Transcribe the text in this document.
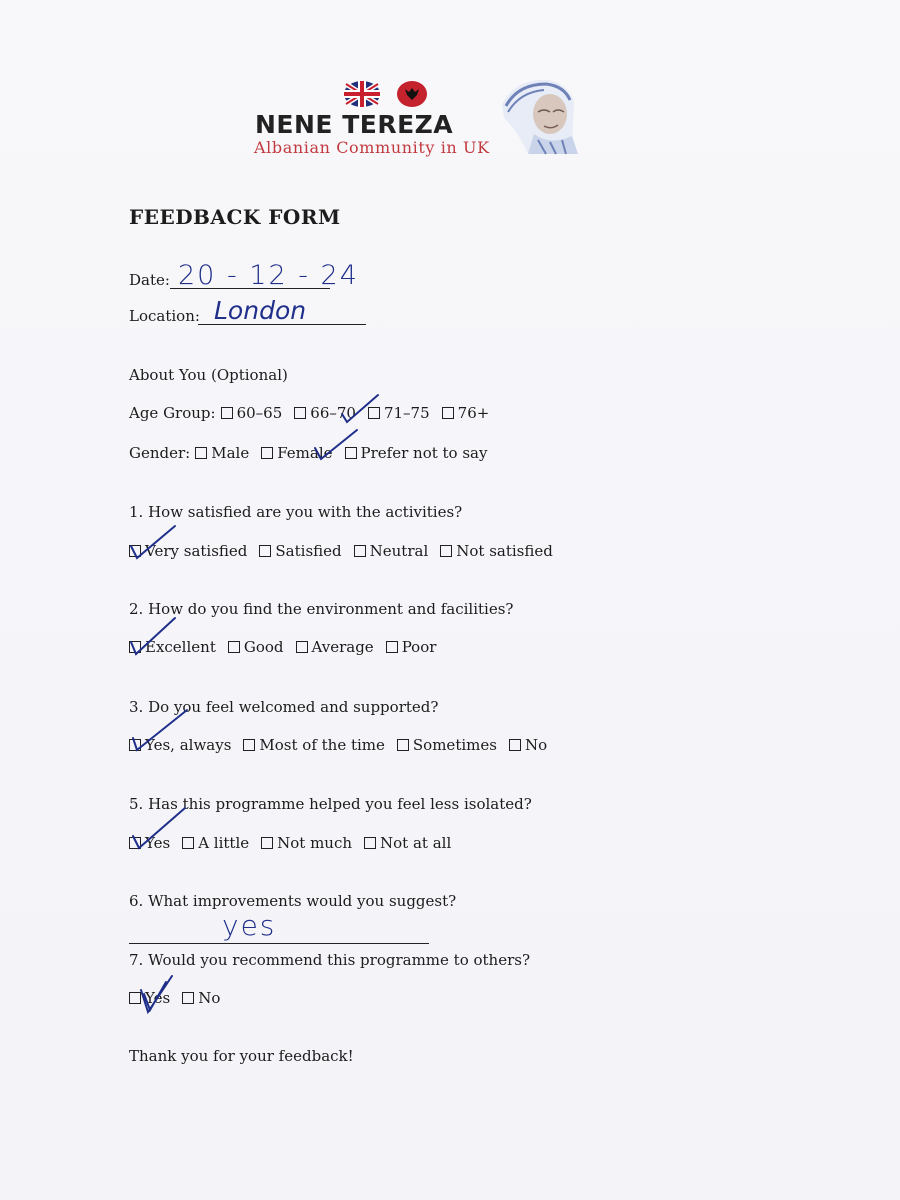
NENE TEREZA
Albanian Community in UK
FEEDBACK FORM
Date: 20 - 12 - 24
Location: London
About You (Optional)
Age Group: 60–65 66–70 71–75 76+
Gender: Male Female Prefer not to say
1. How satisfied are you with the activities?
Very satisfied Satisfied Neutral Not satisfied
2. How do you find the environment and facilities?
Excellent Good Average Poor
3. Do you feel welcomed and supported?
Yes, always Most of the time Sometimes No
5. Has this programme helped you feel less isolated?
Yes A little Not much Not at all
6. What improvements would you suggest?
yes
7. Would you recommend this programme to others?
Yes No
Thank you for your feedback!
